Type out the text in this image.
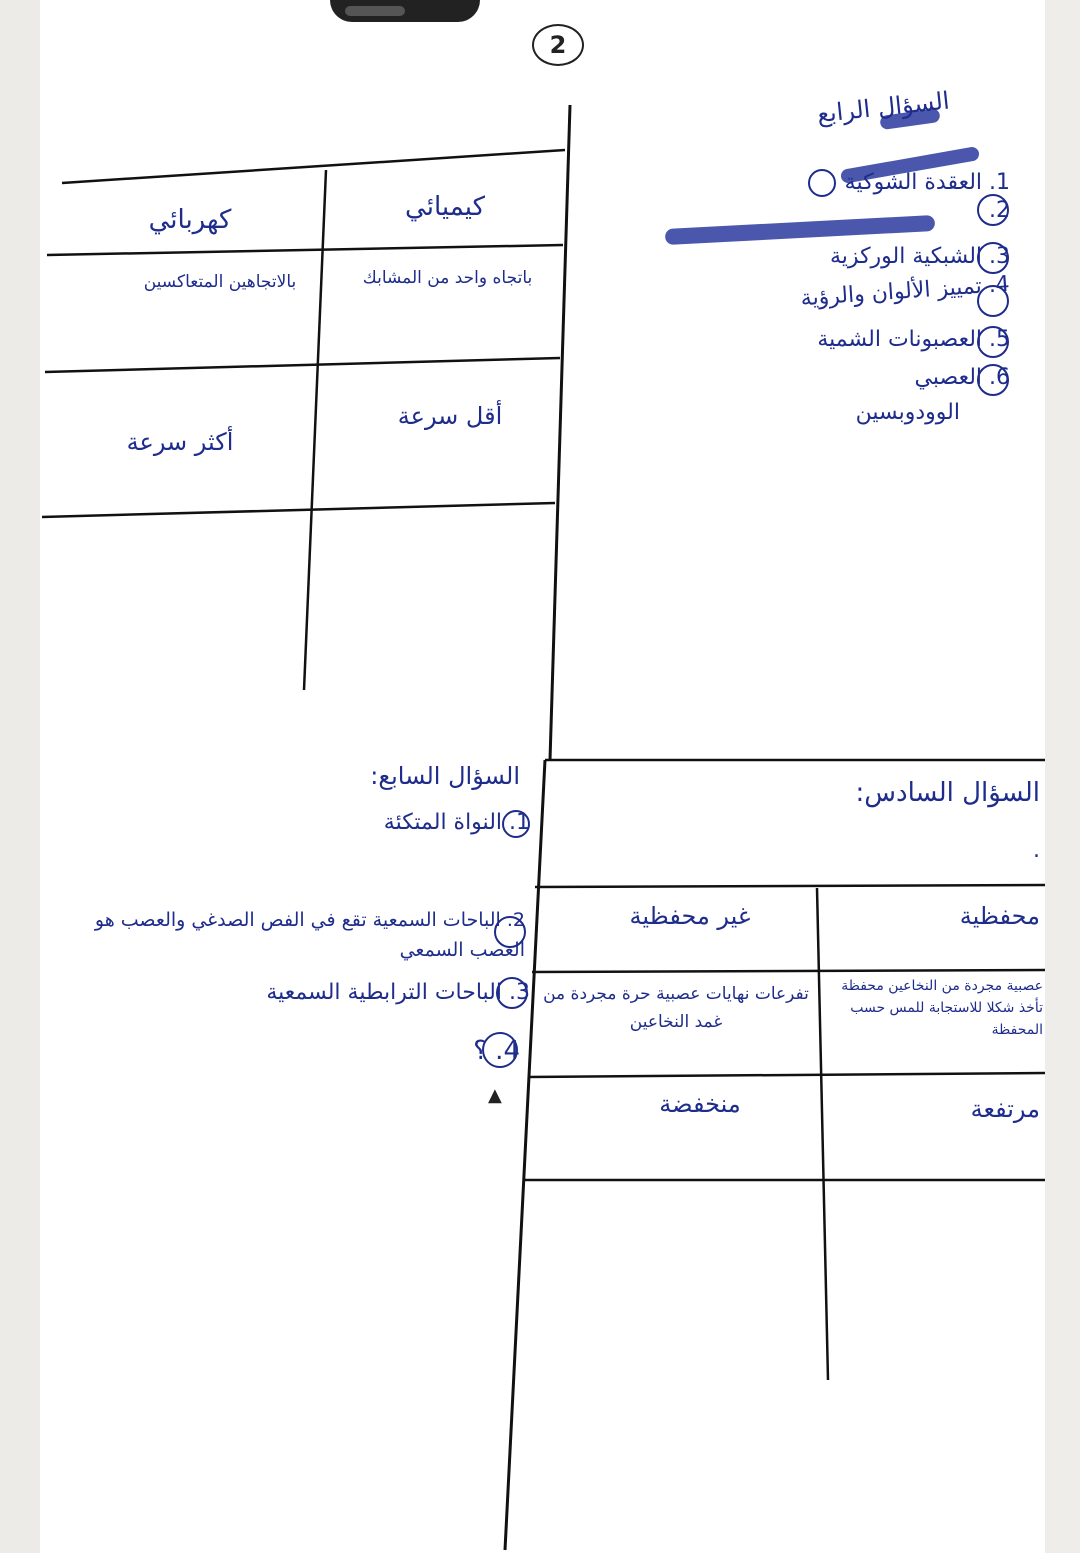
2
السؤال الرابع
1. العقدة الشوكية
2.
3. الشبكية الوركزية
4. تمييز الألوان والرؤية
5. العصبونات الشمية
6. العصبي
الوودوبسين
كيميائي
كهربائي
باتجاه واحد من المشابك
بالاتجاهين المتعاكسين
أقل سرعة
أكثر سرعة
السؤال السابع:
1. النواة المتكئة
2. الباحات السمعية تقع في الفص الصدغي والعصب هو العصب السمعي
3. الباحات الترابطية السمعية
4. ؟
▲
السؤال السادس:
.
غير محفظية	محفظية
تفرعات نهايات عصبية حرة مجردة من غمد النخاعين
عصبية مجردة من النخاعين محفظة تأخذ شكلا للاستجابة للمس حسب المحفظة
منخفضة	مرتفعة
